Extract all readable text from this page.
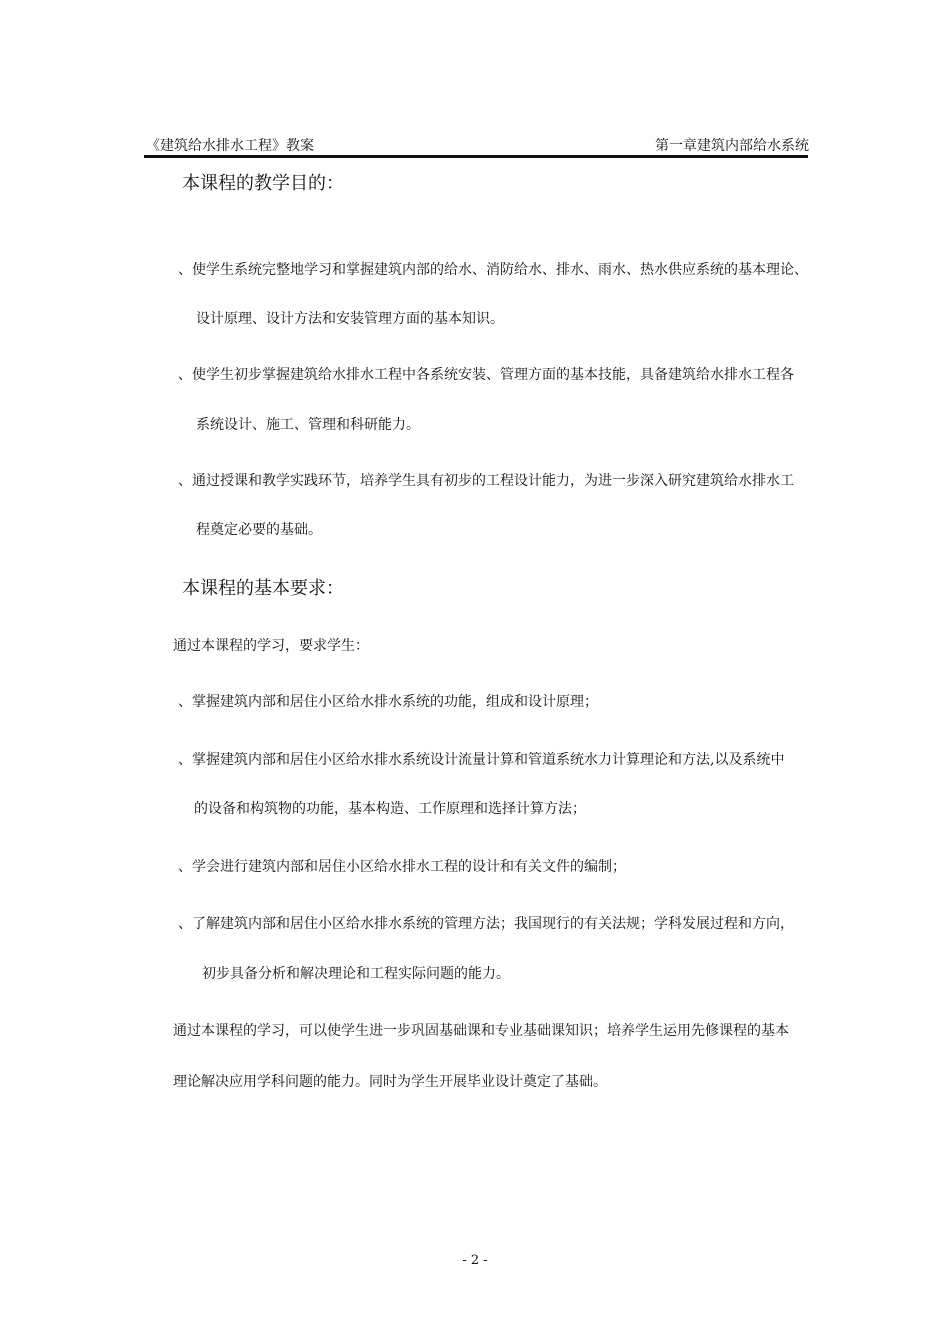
《建筑给水排水工程》教案	第一章建筑内部给水系统
本课程的教学目的：
、使学生系统完整地学习和掌握建筑内部的给水、消防给水、排水、雨水、热水供应系统的基本理论、
设计原理、设计方法和安装管理方面的基本知识。
、使学生初步掌握建筑给水排水工程中各系统安装、管理方面的基本技能，具备建筑给水排水工程各
系统设计、施工、管理和科研能力。
、通过授课和教学实践环节，培养学生具有初步的工程设计能力，为进一步深入研究建筑给水排水工
程奠定必要的基础。
本课程的基本要求：
通过本课程的学习，要求学生：
、掌握建筑内部和居住小区给水排水系统的功能，组成和设计原理；
、掌握建筑内部和居住小区给水排水系统设计流量计算和管道系统水力计算理论和方法,以及系统中
的设备和构筑物的功能，基本构造、工作原理和选择计算方法；
、学会进行建筑内部和居住小区给水排水工程的设计和有关文件的编制；
、了解建筑内部和居住小区给水排水系统的管理方法；我国现行的有关法规；学科发展过程和方向，
初步具备分析和解决理论和工程实际问题的能力。
通过本课程的学习，可以使学生进一步巩固基础课和专业基础课知识；培养学生运用先修课程的基本
理论解决应用学科问题的能力。同时为学生开展毕业设计奠定了基础。
- 2 -
